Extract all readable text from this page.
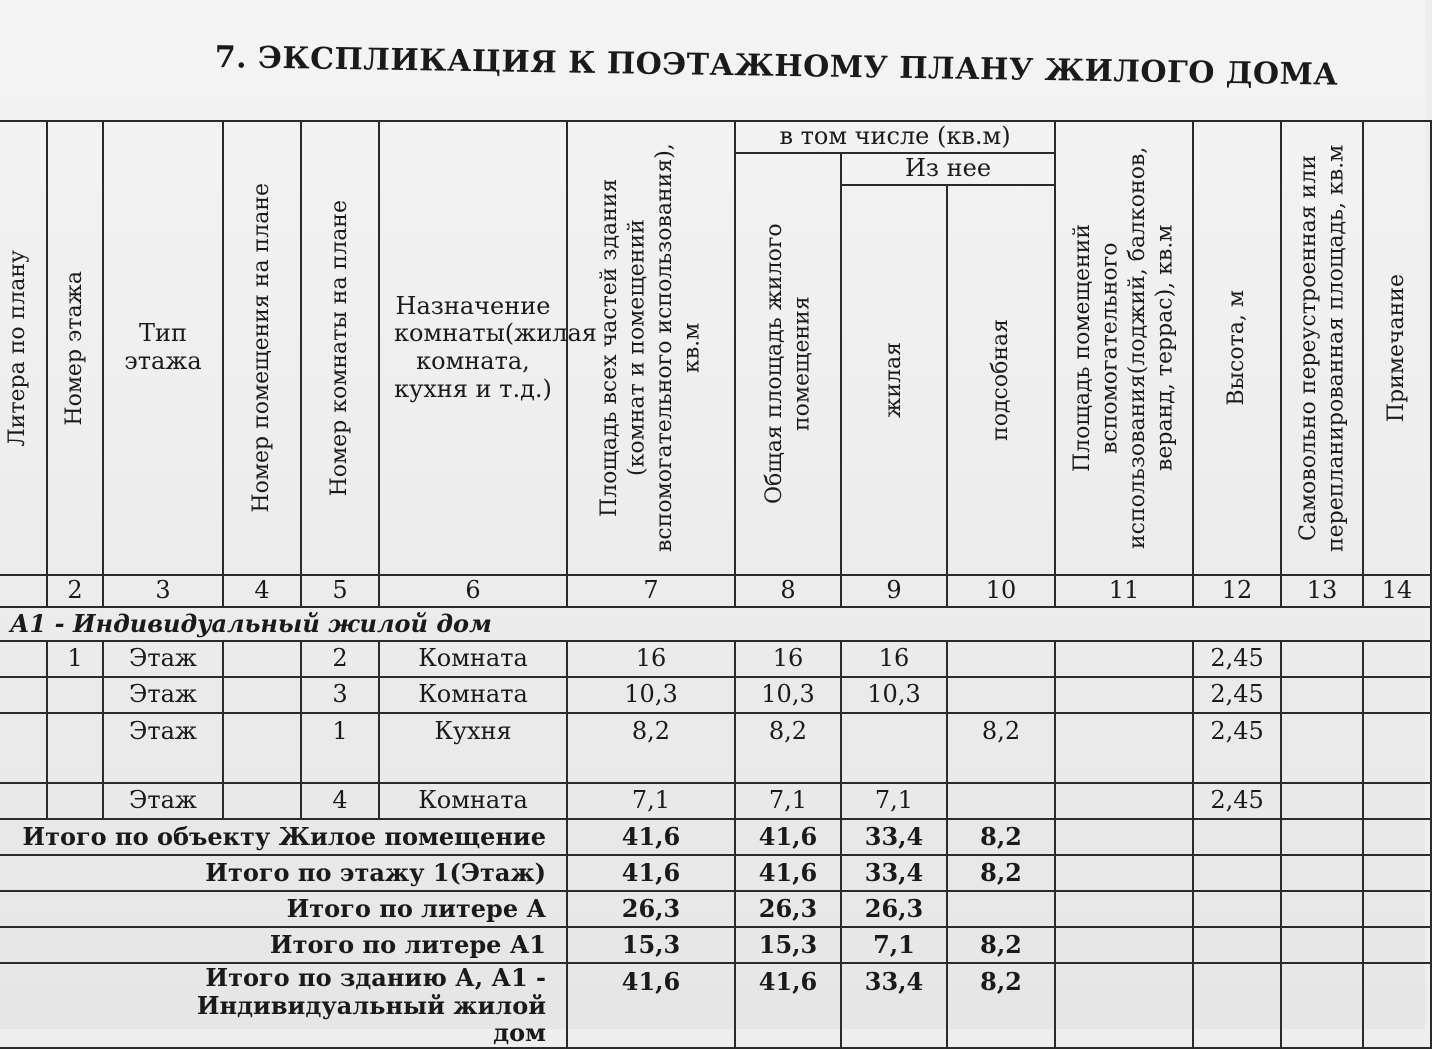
7. ЭКСПЛИКАЦИЯ К ПОЭТАЖНОМУ ПЛАНУ ЖИЛОГО ДОМА
Литера по плану	Номер этажа	Тип этажа	Номер помещения на плане	Номер комнаты на плане	Назначение комнаты(жилая комната, кухня и т.д.)	Площадь всех частей здания (комнат и помещений вспомогательного использования), кв.м	в том числе (кв.м)			Площадь помещений вспомогательного использования(лоджий, балконов, веранд, террас), кв.м	Высота, м	Самовольно переустроенная или перепланированная площадь, кв.м	Примечание

							Общая площадь жилого помещения	Из нее					

								жилая	подсобная				

	2	3	4	5	6	7	8	9	10	11	12	13	14
А1 - Индивидуальный жилой дом													
	1	Этаж		2	Комната	16	16	16			2,45		
		Этаж		3	Комната	10,3	10,3	10,3			2,45		
		Этаж		1	Кухня	8,2	8,2		8,2		2,45		
		Этаж		4	Комната	7,1	7,1	7,1			2,45		
Итого по объекту Жилое помещение						41,6	41,6	33,4	8,2				
Итого по этажу 1(Этаж)						41,6	41,6	33,4	8,2				
Итого по литере А						26,3	26,3	26,3					
Итого по литере А1						15,3	15,3	7,1	8,2				
Итого по зданию А, А1 - Индивидуальный жилой дом						41,6	41,6	33,4	8,2				
